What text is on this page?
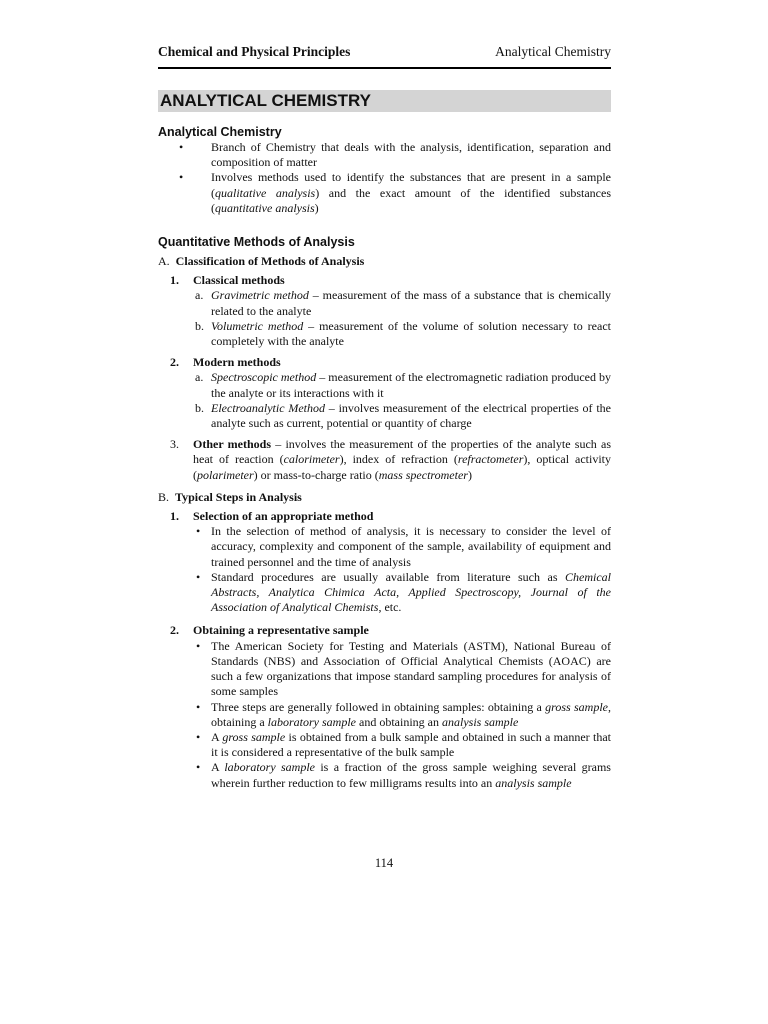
Chemical and Physical Principles	Analytical Chemistry
ANALYTICAL CHEMISTRY
Analytical Chemistry

• Branch of Chemistry that deals with the analysis, identification, separation and composition of matter

• Involves methods used to identify the substances that are present in a sample (qualitative analysis) and the exact amount of the identified substances (quantitative analysis)

Quantitative Methods of Analysis

A.  Classification of Methods of Analysis

1. Classical methods

a. Gravimetric method – measurement of the mass of a substance that is chemically related to the analyte

b. Volumetric method – measurement of the volume of solution necessary to react completely with the analyte

2. Modern methods

a. Spectroscopic method – measurement of the electromagnetic radiation produced by the analyte or its interactions with it

b. Electroanalytic Method – involves measurement of the electrical properties of the analyte such as current, potential or quantity of charge

3. Other methods – involves the measurement of the properties of the analyte such as heat of reaction (calorimeter), index of refraction (refractometer), optical activity (polarimeter) or mass-to-charge ratio (mass spectrometer)

B.  Typical Steps in Analysis

1. Selection of an appropriate method

• In the selection of method of analysis, it is necessary to consider the level of accuracy, complexity and component of the sample, availability of equipment and trained personnel and the time of analysis

• Standard procedures are usually available from literature such as Chemical Abstracts, Analytica Chimica Acta, Applied Spectroscopy, Journal of the Association of Analytical Chemists, etc.

2. Obtaining a representative sample

• The American Society for Testing and Materials (ASTM), National Bureau of Standards (NBS) and Association of Official Analytical Chemists (AOAC) are such a few organizations that impose standard sampling procedures for analysis of some samples

• Three steps are generally followed in obtaining samples: obtaining a gross sample, obtaining a laboratory sample and obtaining an analysis sample

• A gross sample is obtained from a bulk sample and obtained in such a manner that it is considered a representative of the bulk sample

• A laboratory sample is a fraction of the gross sample weighing several grams wherein further reduction to few milligrams results into an analysis sample

114
